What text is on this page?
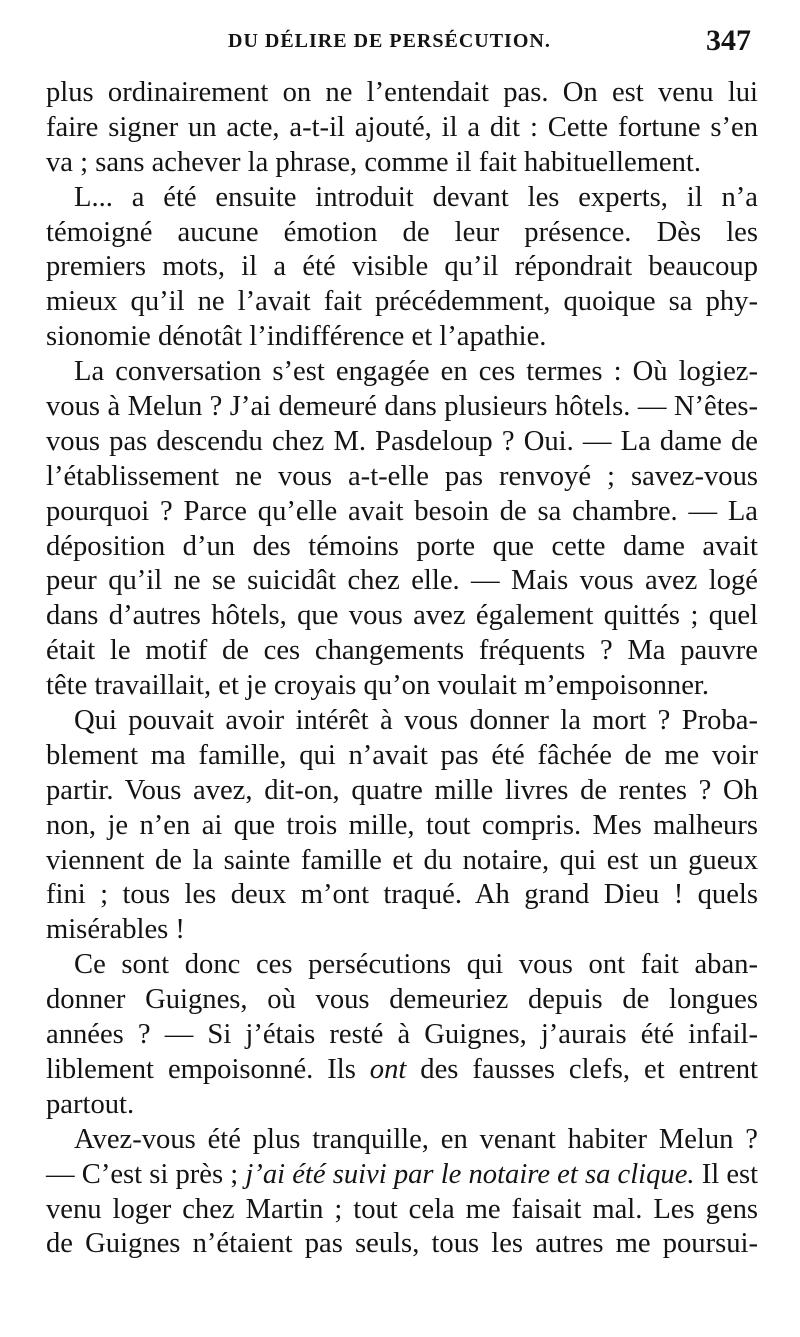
DU DÉLIRE DE PERSÉCUTION.	347
plus ordinairement on ne l’entendait pas. On est venu lui
faire signer un acte, a-t-il ajouté, il a dit : Cette fortune s’en
va ; sans achever la phrase, comme il fait habituellement.
L... a été ensuite introduit devant les experts, il n’a
témoigné aucune émotion de leur présence. Dès les
premiers mots, il a été visible qu’il répondrait beaucoup
mieux qu’il ne l’avait fait précédemment, quoique sa phy-
sionomie dénotât l’indifférence et l’apathie.
La conversation s’est engagée en ces termes : Où logiez-
vous à Melun ? J’ai demeuré dans plusieurs hôtels. — N’êtes-
vous pas descendu chez M. Pasdeloup ? Oui. — La dame de
l’établissement ne vous a-t-elle pas renvoyé ; savez-vous
pourquoi ? Parce qu’elle avait besoin de sa chambre. — La
déposition d’un des témoins porte que cette dame avait
peur qu’il ne se suicidât chez elle. — Mais vous avez logé
dans d’autres hôtels, que vous avez également quittés ; quel
était le motif de ces changements fréquents ? Ma pauvre
tête travaillait, et je croyais qu’on voulait m’empoisonner.
Qui pouvait avoir intérêt à vous donner la mort ? Proba-
blement ma famille, qui n’avait pas été fâchée de me voir
partir. Vous avez, dit-on, quatre mille livres de rentes ? Oh
non, je n’en ai que trois mille, tout compris. Mes malheurs
viennent de la sainte famille et du notaire, qui est un gueux
fini ; tous les deux m’ont traqué. Ah grand Dieu ! quels
misérables !
Ce sont donc ces persécutions qui vous ont fait aban-
donner Guignes, où vous demeuriez depuis de longues
années ? — Si j’étais resté à Guignes, j’aurais été infail-
liblement empoisonné. Ils ont des fausses clefs, et entrent
partout.
Avez-vous été plus tranquille, en venant habiter Melun ?
— C’est si près ; j’ai été suivi par le notaire et sa clique. Il est
venu loger chez Martin ; tout cela me faisait mal. Les gens
de Guignes n’étaient pas seuls, tous les autres me poursui-
